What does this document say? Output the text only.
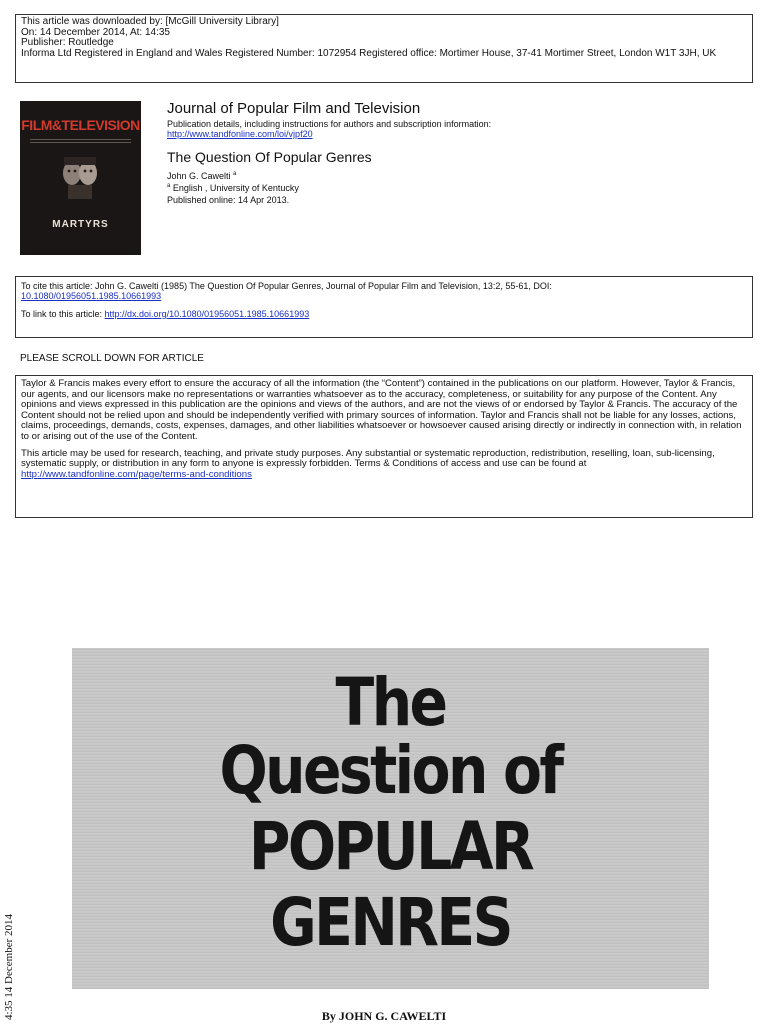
This article was downloaded by: [McGill University Library]
On: 14 December 2014, At: 14:35
Publisher: Routledge
Informa Ltd Registered in England and Wales Registered Number: 1072954 Registered office: Mortimer House, 37-41 Mortimer Street, London W1T 3JH, UK
FILM&TELEVISION
MARTYRS
Journal of Popular Film and Television
Publication details, including instructions for authors and subscription information:
http://www.tandfonline.com/loi/vjpf20
The Question Of Popular Genres
John G. Cawelti $^a$
$^a$ English , University of Kentucky
Published online: 14 Apr 2013.

To cite this article: John G. Cawelti (1985) The Question Of Popular Genres, Journal of Popular Film and Television, 13:2, 55-61, DOI:
10.1080/01956051.1985.10661993

To link to this article: http://dx.doi.org/10.1080/01956051.1985.10661993

PLEASE SCROLL DOWN FOR ARTICLE

Taylor & Francis makes every effort to ensure the accuracy of all the information (the “Content”) contained in the publications on our platform. However, Taylor & Francis, our agents, and our licensors make no representations or warranties whatsoever as to the accuracy, completeness, or suitability for any purpose of the Content. Any opinions and views expressed in this publication are the opinions and views of the authors, and are not the views of or endorsed by Taylor & Francis. The accuracy of the Content should not be relied upon and should be independently verified with primary sources of information. Taylor and Francis shall not be liable for any losses, actions, claims, proceedings, demands, costs, expenses, damages, and other liabilities whatsoever or howsoever caused arising directly or indirectly in connection with, in relation to or arising out of the use of the Content.

This article may be used for research, teaching, and private study purposes. Any substantial or systematic reproduction, redistribution, reselling, loan, sub-licensing, systematic supply, or distribution in any form to anyone is expressly forbidden. Terms & Conditions of access and use can be found at http://www.tandfonline.com/page/terms-and-conditions

The
Question of
POPULAR
GENRES
By JOHN G. CAWELTI
4:35 14 December 2014
